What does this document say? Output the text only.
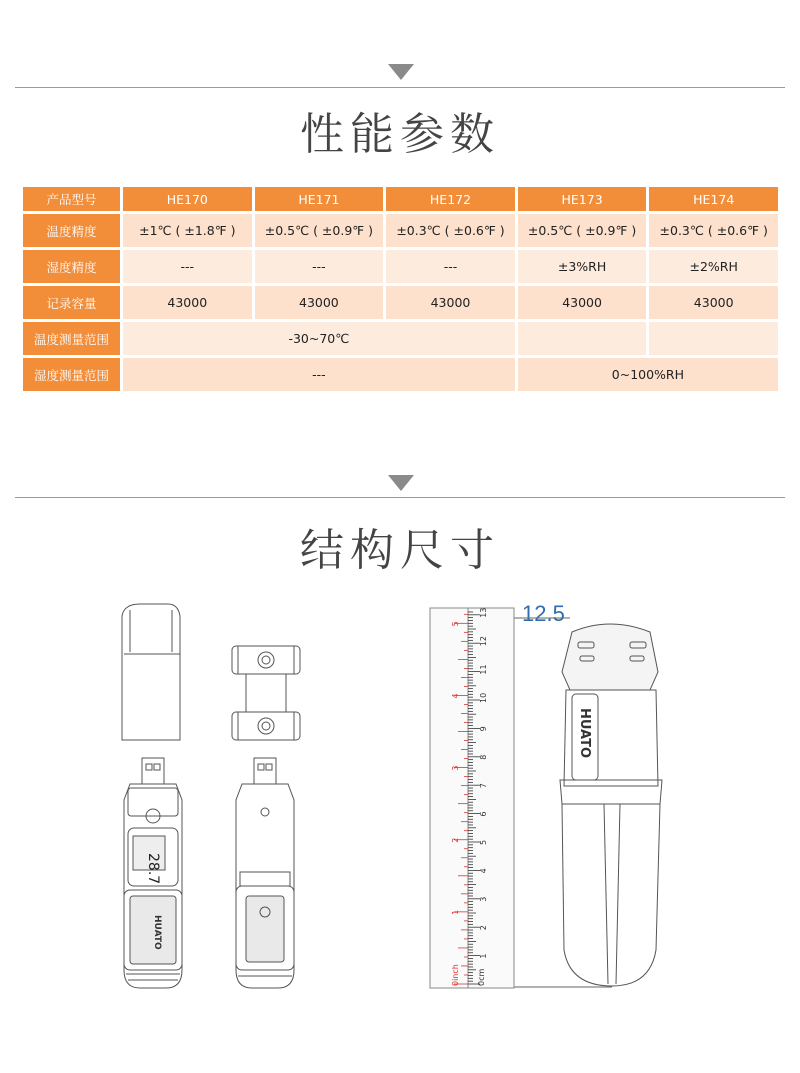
性能参数
产品型号	HE170	HE171	HE172	HE173	HE174
温度精度	±1℃ ( ±1.8℉ )	±0.5℃ ( ±0.9℉ )	±0.3℃ ( ±0.6℉ )	±0.5℃ ( ±0.9℉ )	±0.3℃ ( ±0.6℉ )
湿度精度	---	---	---	±3%RH	±2%RH
记录容量	43000	43000	43000	43000	43000
温度测量范围	-30~70℃				
湿度测量范围	---			0~100%RH	
结构尺寸
12.5
28.7
HUATO
HUATO
0inch 0cm
1
2
3
4
5
6
7
8
9
10
11
12
13
1
2
3
4
5
